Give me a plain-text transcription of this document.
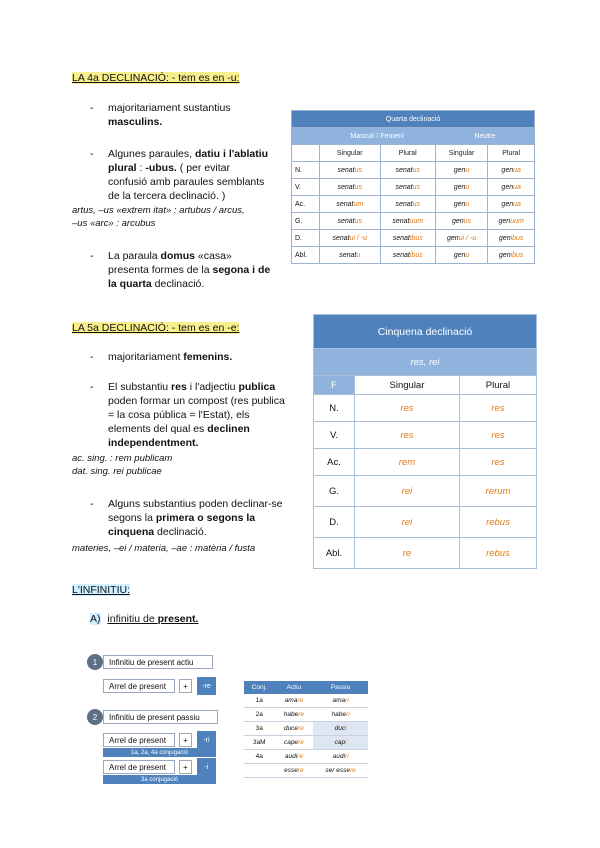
LA 4a DECLINACIÓ: - tem es en -u:
- majoritariament sustantius
masculins.
- Algunes paraules, datiu i l'ablatiu
plural : -ubus. ( per evitar
confusió amb paraules semblants
de la tercera declinació. )
artus, –us «extrem itat» : artubus / arcus,
–us «arc» : arcubus
- La paraula domus «casa»
presenta formes de la segona i de
la quarta declinació.
Quarta declinació				
	Masculí / Femení		Neutre	
	Singular	Plural	Singular	Plural
N.	senatus	senatus	genu	genua
V.	senatus	senatus	genu	genua
Ac.	senatum	senatus	genu	genua
G.	senatus	senatuum	genus	genuum
D.	senatui / -u	senatibus	genui / -u	genibus
Abl.	senatu	senatibus	genu	genibus
LA 5a DECLINACIÓ: - tem es en -e:
- majoritariament femenins.
- El substantiu res i l'adjectiu publica
poden formar un compost (res publica
= la cosa pública = l'Estat), els
elements del qual es declinen
independentment.
ac. sing. : rem publicam
dat. sing. rei publicae
- Alguns substantius poden declinar-se
segons la primera o segons la
cinquena declinació.
materies, –ei / materia, –ae : matèria / fusta
Cinquena declinació		
res, rei		
F	Singular	Plural
N.	res	res
V.	res	res
Ac.	rem	res
G.	rei	rerum
D.	rei	rebus
Abl.	re	rebus
L'INFINITIU:
A) infinitiu de present.
1	Infinitiu de present actiu
Arrel de present	+	-re
2	Infinitiu de present passiu
Arrel de present	+	-ri
1a, 2a, 4a conjugació
Arrel de present	+	-i
3a conjugació
Conj.	Actiu	Passiu
1a	amare	amari
2a	habere	haberi
3a	ducere	duci
3aM	capere	capi
4a	audire	audiri
	essere	ser essere
